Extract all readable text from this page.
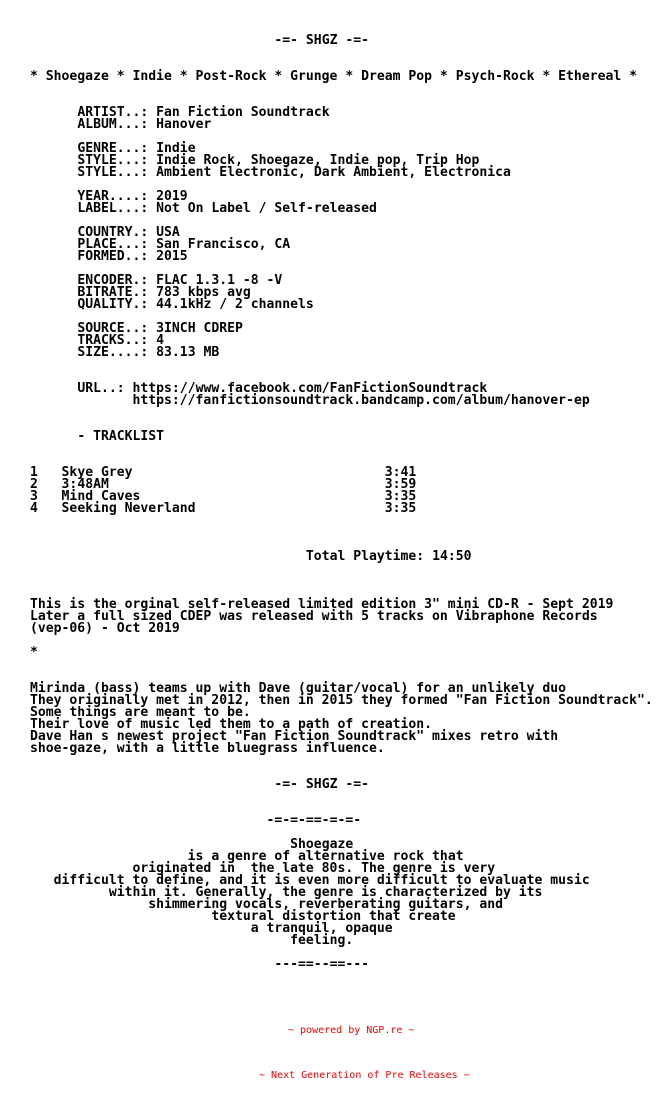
-=- SHGZ -=-
* Shoegaze * Indie * Post-Rock * Grunge * Dream Pop * Psych-Rock * Ethereal *
ARTIST..: Fan Fiction Soundtrack
ALBUM...: Hanover
GENRE...: Indie
STYLE...: Indie Rock, Shoegaze, Indie pop, Trip Hop
STYLE...: Ambient Electronic, Dark Ambient, Electronica
YEAR....: 2019
LABEL...: Not On Label / Self-released
COUNTRY.: USA
PLACE...: San Francisco, CA
FORMED..: 2015
ENCODER.: FLAC 1.3.1 -8 -V
BITRATE.: 783 kbps avg
QUALITY.: 44.1kHz / 2 channels
SOURCE..: 3INCH CDREP
TRACKS..: 4
SIZE....: 83.13 MB
URL..: https://www.facebook.com/FanFictionSoundtrack
https://fanfictionsoundtrack.bandcamp.com/album/hanover-ep
- TRACKLIST
1 Skye Grey	3:41
2 3:48AM	3:59
3 Mind Caves	3:35
4 Seeking Neverland	3:35
Total Playtime: 14:50
This is the orginal self-released limited edition 3" mini CD-R - Sept 2019
Later a full sized CDEP was released with 5 tracks on Vibraphone Records
(vep-06) - Oct 2019
*
Mirinda (bass) teams up with Dave (guitar/vocal) for an unlikely duo
They originally met in 2012, then in 2015 they formed "Fan Fiction Soundtrack".
Some things are meant to be.
Their love of music led them to a path of creation.
Dave Han s newest project "Fan Fiction Soundtrack" mixes retro with
shoe-gaze, with a little bluegrass influence.
-=- SHGZ -=-
-=-=-==-=-=-
Shoegaze
is a genre of alternative rock that
originated in  the late 80s. The genre is very
difficult to define, and it is even more difficult to evaluate music
within it. Generally, the genre is characterized by its
shimmering vocals, reverberating guitars, and
textural distortion that create
a tranquil, opaque
feeling.
---==--==---

~ powered by NGP.re ~

~ Next Generation of Pre Releases ~
